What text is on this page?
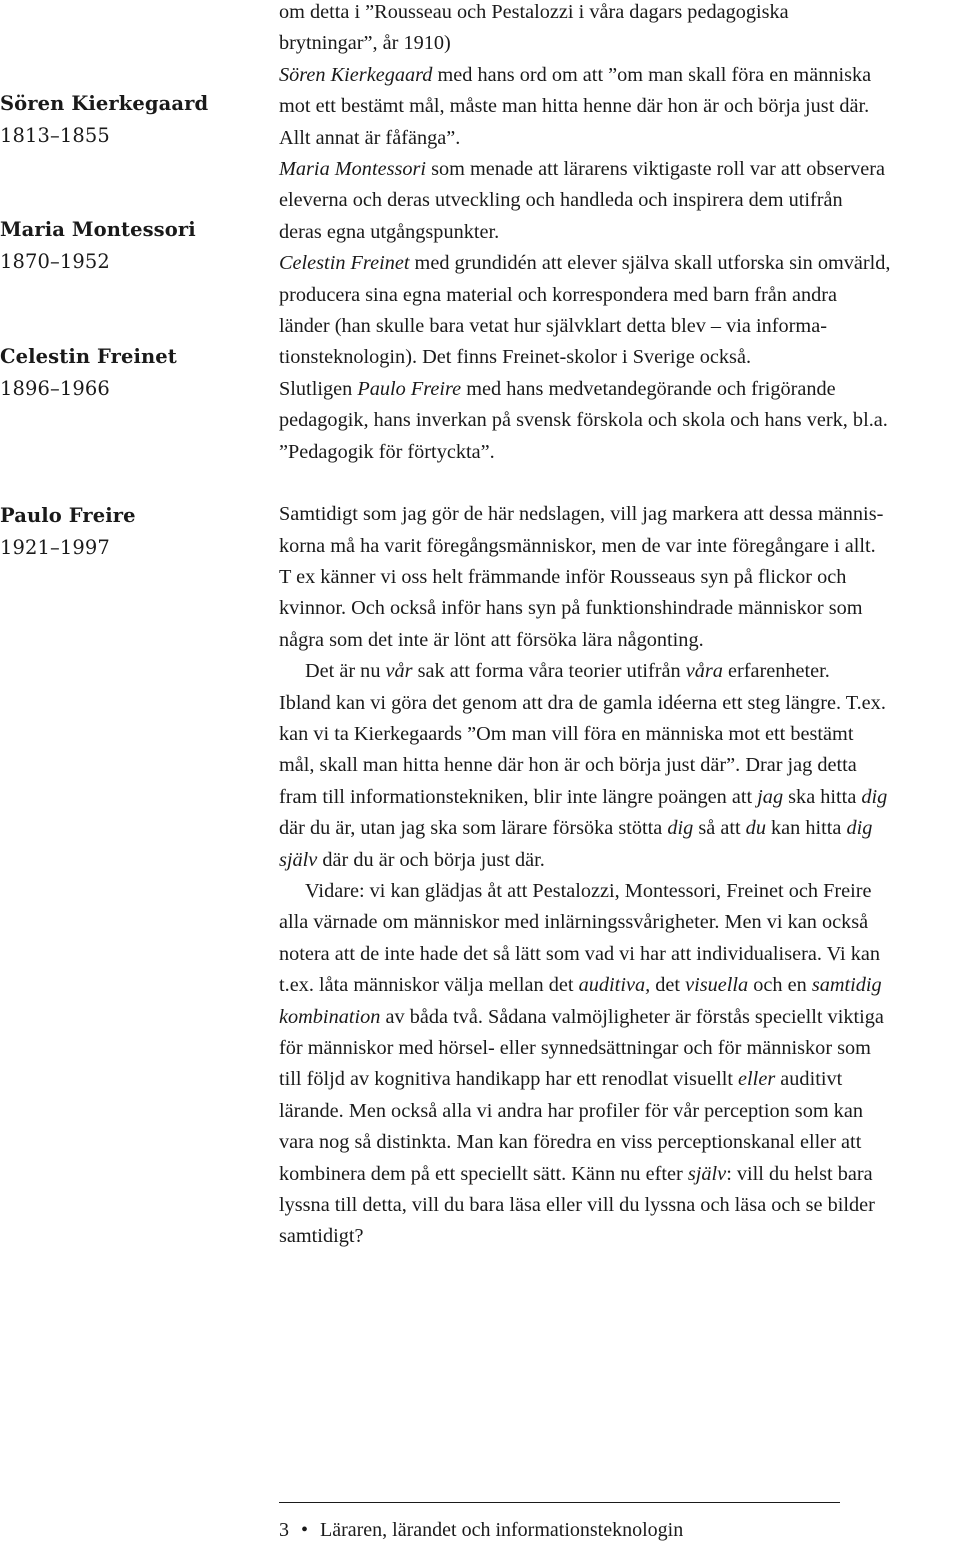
Sören Kierkegaard
1813–1855
Maria Montessori
1870–1952
Celestin Freinet
1896–1966
Paulo Freire
1921–1997

om detta i ”Rousseau och Pestalozzi i våra dagars pedagogiska
brytningar”, år 1910)

Sören Kierkegaard med hans ord om att ”om man skall föra en människa
mot ett bestämt mål, måste man hitta henne där hon är och börja just där.
Allt annat är fåfänga”.

Maria Montessori som menade att lärarens viktigaste roll var att observera
eleverna och deras utveckling och handleda och inspirera dem utifrån
deras egna utgångspunkter.

Celestin Freinet med grundidén att elever själva skall utforska sin omvärld,
producera sina egna material och korrespondera med barn från andra
länder (han skulle bara vetat hur självklart detta blev – via informa-
tionsteknologin). Det finns Freinet-skolor i Sverige också.

Slutligen Paulo Freire med hans medvetandegörande och frigörande
pedagogik, hans inverkan på svensk förskola och skola och hans verk, bl.a.
”Pedagogik för förtyckta”.

Samtidigt som jag gör de här nedslagen, vill jag markera att dessa männis-
korna må ha varit föregångsmänniskor, men de var inte föregångare i allt.
T ex känner vi oss helt främmande inför Rousseaus syn på flickor och
kvinnor. Och också inför hans syn på funktionshindrade människor som
några som det inte är lönt att försöka lära någonting.

Det är nu vår sak att forma våra teorier utifrån våra erfarenheter.
Ibland kan vi göra det genom att dra de gamla idéerna ett steg längre. T.ex.
kan vi ta Kierkegaards ”Om man vill föra en människa mot ett bestämt
mål, skall man hitta henne där hon är och börja just där”. Drar jag detta
fram till informationstekniken, blir inte längre poängen att jag ska hitta dig
där du är, utan jag ska som lärare försöka stötta dig så att du kan hitta dig
själv där du är och börja just där.

Vidare: vi kan glädjas åt att Pestalozzi, Montessori, Freinet och Freire
alla värnade om människor med inlärningssvårigheter. Men vi kan också
notera att de inte hade det så lätt som vad vi har att individualisera. Vi kan
t.ex. låta människor välja mellan det auditiva, det visuella och en samtidig
kombination av båda två. Sådana valmöjligheter är förstås speciellt viktiga
för människor med hörsel- eller synnedsättningar och för människor som
till följd av kognitiva handikapp har ett renodlat visuellt eller auditivt
lärande. Men också alla vi andra har profiler för vår perception som kan
vara nog så distinkta. Man kan föredra en viss perceptionskanal eller att
kombinera dem på ett speciellt sätt. Känn nu efter själv: vill du helst bara
lyssna till detta, vill du bara läsa eller vill du lyssna och läsa och se bilder
samtidigt?

3 • Läraren, lärandet och informationsteknologin
